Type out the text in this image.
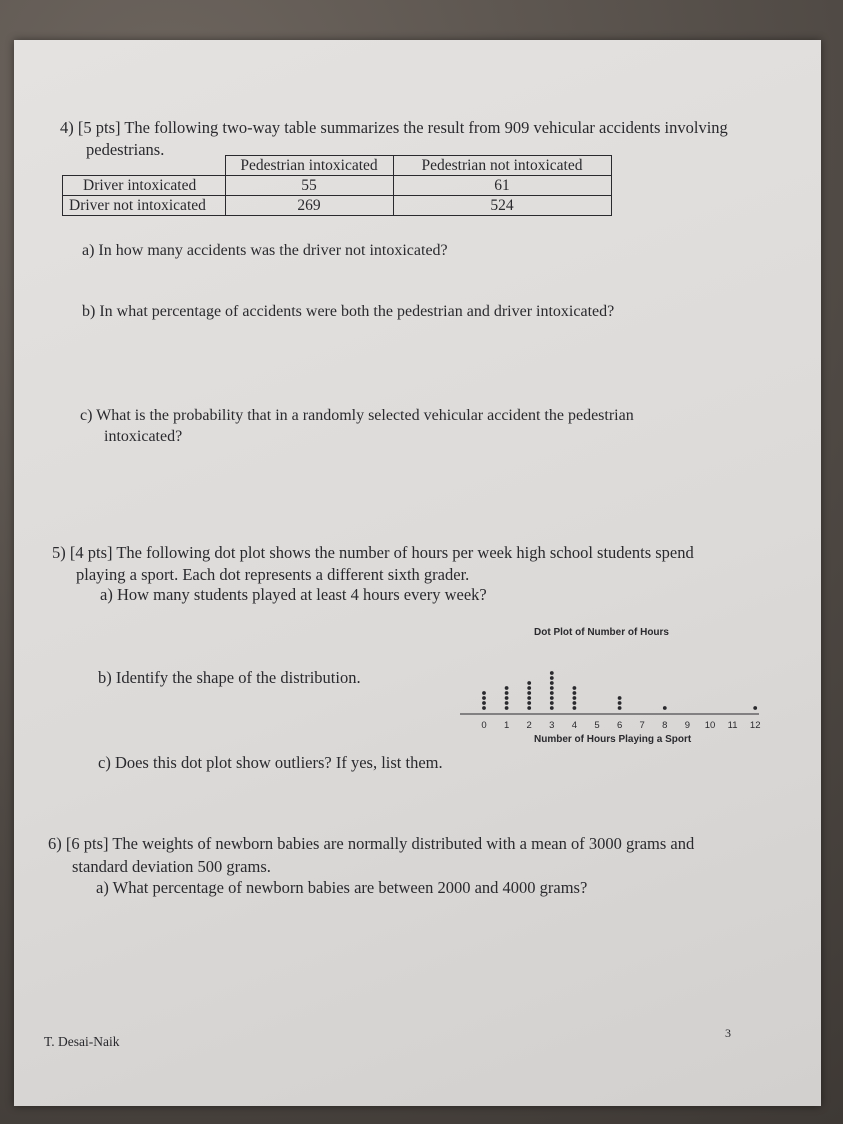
4) [5 pts] The following two-way table summarizes the result from 909 vehicular accidents involving
pedestrians.
	Pedestrian intoxicated	Pedestrian not intoxicated
Driver intoxicated	55	61
Driver not intoxicated	269	524
a) In how many accidents was the driver not intoxicated?
b) In what percentage of accidents were both the pedestrian and driver intoxicated?
c) What is the probability that in a randomly selected vehicular accident the pedestrian
intoxicated?
5) [4 pts] The following dot plot shows the number of hours per week high school students spend
playing a sport. Each dot represents a different sixth grader.
a) How many students played at least 4 hours every week?
b) Identify the shape of the distribution.
c) Does this dot plot show outliers? If yes, list them.
Dot Plot of Number of Hours
0 1 2 3 4 5 6 7 8 9 10 11 12
Number of Hours Playing a Sport
6) [6 pts] The weights of newborn babies are normally distributed with a mean of 3000 grams and
standard deviation 500 grams.
a) What percentage of newborn babies are between 2000 and 4000 grams?
T. Desai-Naik
3
